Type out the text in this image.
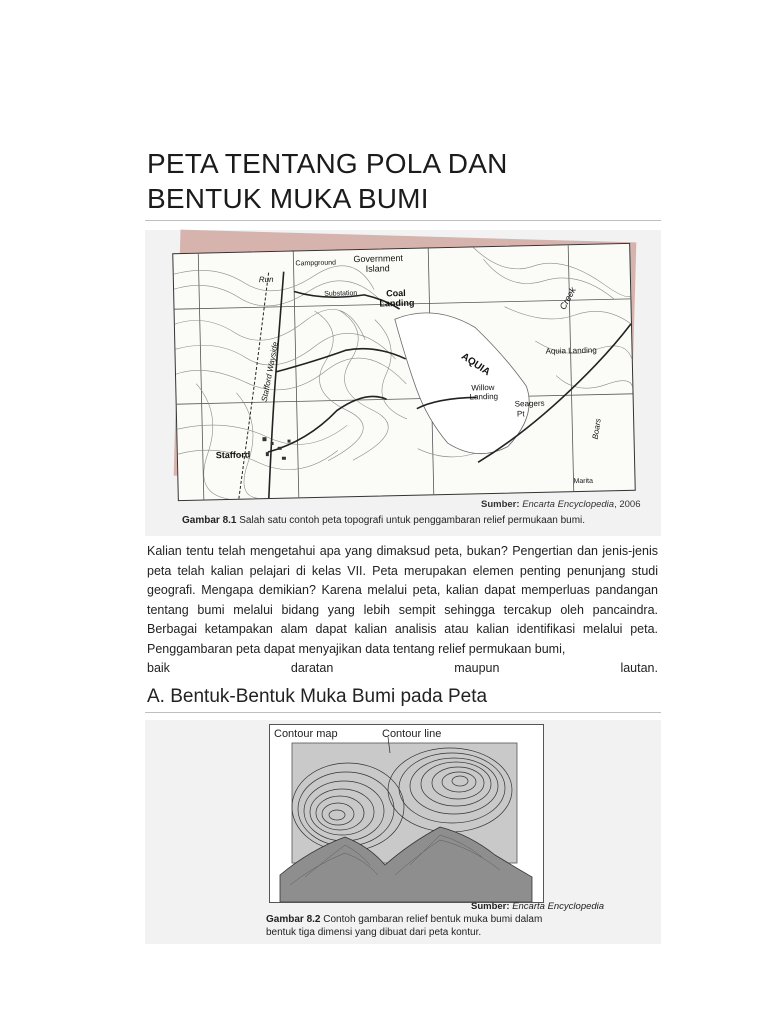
PETA TENTANG POLA DAN
BENTUK MUKA BUMI
Campground Government
Island
Substation	Coal
Landing
AQUIA
Creek
Aquia Landing
Run
Willow
Landing
Seagers
Pt
Stafford
Boars
Marita
Stafford Wayside
Sumber: Encarta Encyclopedia, 2006
Gambar 8.1 Salah satu contoh peta topografi untuk penggambaran relief permukaan bumi.
Kalian tentu telah mengetahui apa yang dimaksud peta, bukan? Pengertian dan jenis-jenis peta telah kalian pelajari di kelas VII. Peta merupakan elemen penting penunjang studi geografi. Mengapa demikian? Karena melalui peta, kalian dapat memperluas pandangan tentang bumi melalui bidang yang lebih sempit sehingga tercakup oleh pancaindra. Berbagai ketampakan alam dapat kalian analisis atau kalian identifikasi melalui peta. Penggambaran peta dapat menyajikan data tentang relief permukaan bumi,
baik	daratan	maupun	lautan.
A. Bentuk-Bentuk Muka Bumi pada Peta
Contour map	Contour line
Sumber: Encarta Encyclopedia
Gambar 8.2 Contoh gambaran relief bentuk muka bumi dalam bentuk tiga dimensi yang dibuat dari peta kontur.
